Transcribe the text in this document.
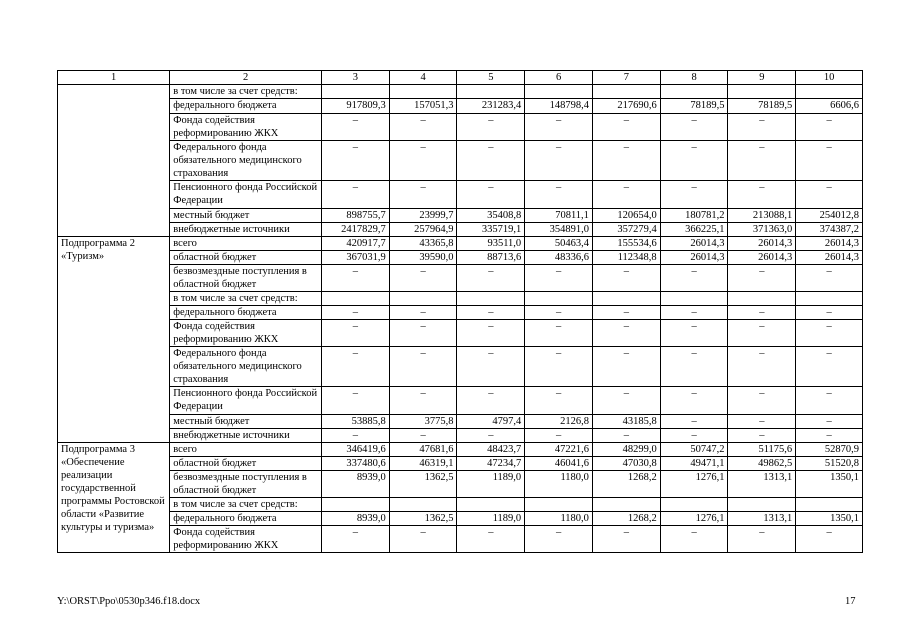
1	2	3	4	5	6	7	8	9	10
	в том числе за счет средств:								
	федерального бюджета	917809,3	157051,3	231283,4	148798,4	217690,6	78189,5	78189,5	6606,6
	Фонда содействия реформированию ЖКХ	–	–	–	–	–	–	–	–
	Федерального фонда обязательного медицинского страхования	–	–	–	–	–	–	–	–
	Пенсионного фонда Российской Федерации	–	–	–	–	–	–	–	–
	местный бюджет	898755,7	23999,7	35408,8	70811,1	120654,0	180781,2	213088,1	254012,8
	внебюджетные источники	2417829,7	257964,9	335719,1	354891,0	357279,4	366225,1	371363,0	374387,2
Подпрограмма 2 «Туризм»	всего	420917,7	43365,8	93511,0	50463,4	155534,6	26014,3	26014,3	26014,3
	областной бюджет	367031,9	39590,0	88713,6	48336,6	112348,8	26014,3	26014,3	26014,3
	безвозмездные поступления в областной бюджет	–	–	–	–	–	–	–	–
	в том числе за счет средств:								
	федерального бюджета	–	–	–	–	–	–	–	–
	Фонда содействия реформированию ЖКХ	–	–	–	–	–	–	–	–
	Федерального фонда обязательного медицинского страхования	–	–	–	–	–	–	–	–
	Пенсионного фонда Российской Федерации	–	–	–	–	–	–	–	–
	местный бюджет	53885,8	3775,8	4797,4	2126,8	43185,8	–	–	–
	внебюджетные источники	–	–	–	–	–	–	–	–
Подпрограмма 3 «Обеспечение реализации государственной программы Ростовской области «Развитие культуры и туризма»	всего	346419,6	47681,6	48423,7	47221,6	48299,0	50747,2	51175,6	52870,9
	областной бюджет	337480,6	46319,1	47234,7	46041,6	47030,8	49471,1	49862,5	51520,8
	безвозмездные поступления в областной бюджет	8939,0	1362,5	1189,0	1180,0	1268,2	1276,1	1313,1	1350,1
	в том числе за счет средств:								
	федерального бюджета	8939,0	1362,5	1189,0	1180,0	1268,2	1276,1	1313,1	1350,1
	Фонда содействия реформированию ЖКХ	–	–	–	–	–	–	–	–
Y:\ORST\Ppo\0530p346.f18.docx	17
